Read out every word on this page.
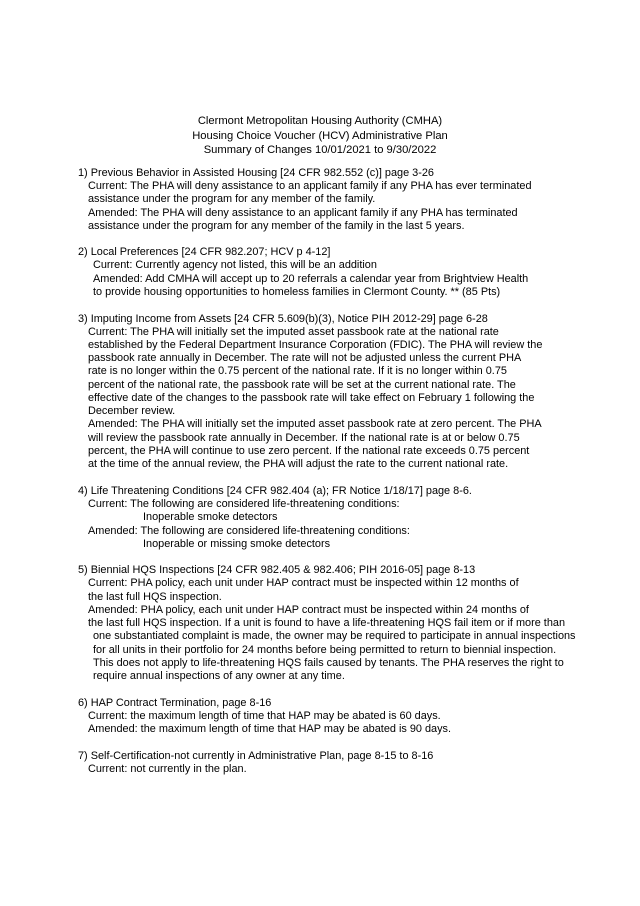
Clermont Metropolitan Housing Authority (CMHA)
Housing Choice Voucher (HCV) Administrative Plan
Summary of Changes 10/01/2021 to 9/30/2022
1) Previous Behavior in Assisted Housing [24 CFR 982.552 (c)] page 3-26
Current: The PHA will deny assistance to an applicant family if any PHA has ever terminated
assistance under the program for any member of the family.
Amended: The PHA will deny assistance to an applicant family if any PHA has terminated
assistance under the program for any member of the family in the last 5 years.
2) Local Preferences [24 CFR 982.207; HCV p 4-12]
Current: Currently agency not listed, this will be an addition
Amended: Add CMHA will accept up to 20 referrals a calendar year from Brightview Health
to provide housing opportunities to homeless families in Clermont County. ** (85 Pts)
3) Imputing Income from Assets [24 CFR 5.609(b)(3), Notice PIH 2012-29] page 6-28
Current: The PHA will initially set the imputed asset passbook rate at the national rate
established by the Federal Department Insurance Corporation (FDIC). The PHA will review the
passbook rate annually in December. The rate will not be adjusted unless the current PHA
rate is no longer within the 0.75 percent of the national rate. If it is no longer within 0.75
percent of the national rate, the passbook rate will be set at the current national rate. The
effective date of the changes to the passbook rate will take effect on February 1 following the
December review.
Amended: The PHA will initially set the imputed asset passbook rate at zero percent. The PHA
will review the passbook rate annually in December. If the national rate is at or below 0.75
percent, the PHA will continue to use zero percent. If the national rate exceeds 0.75 percent
at the time of the annual review, the PHA will adjust the rate to the current national rate.
4) Life Threatening Conditions [24 CFR 982.404 (a); FR Notice 1/18/17] page 8-6.
Current: The following are considered life-threatening conditions:
Inoperable smoke detectors
Amended: The following are considered life-threatening conditions:
Inoperable or missing smoke detectors
5) Biennial HQS Inspections [24 CFR 982.405 & 982.406; PIH 2016-05] page 8-13
Current: PHA policy, each unit under HAP contract must be inspected within 12 months of
the last full HQS inspection.
Amended: PHA policy, each unit under HAP contract must be inspected within 24 months of
the last full HQS inspection. If a unit is found to have a life-threatening HQS fail item or if more than
one substantiated complaint is made, the owner may be required to participate in annual inspections
for all units in their portfolio for 24 months before being permitted to return to biennial inspection.
This does not apply to life-threatening HQS fails caused by tenants. The PHA reserves the right to
require annual inspections of any owner at any time.
6) HAP Contract Termination, page 8-16
Current: the maximum length of time that HAP may be abated is 60 days.
Amended: the maximum length of time that HAP may be abated is 90 days.
7) Self-Certification-not currently in Administrative Plan, page 8-15 to 8-16
Current: not currently in the plan.
